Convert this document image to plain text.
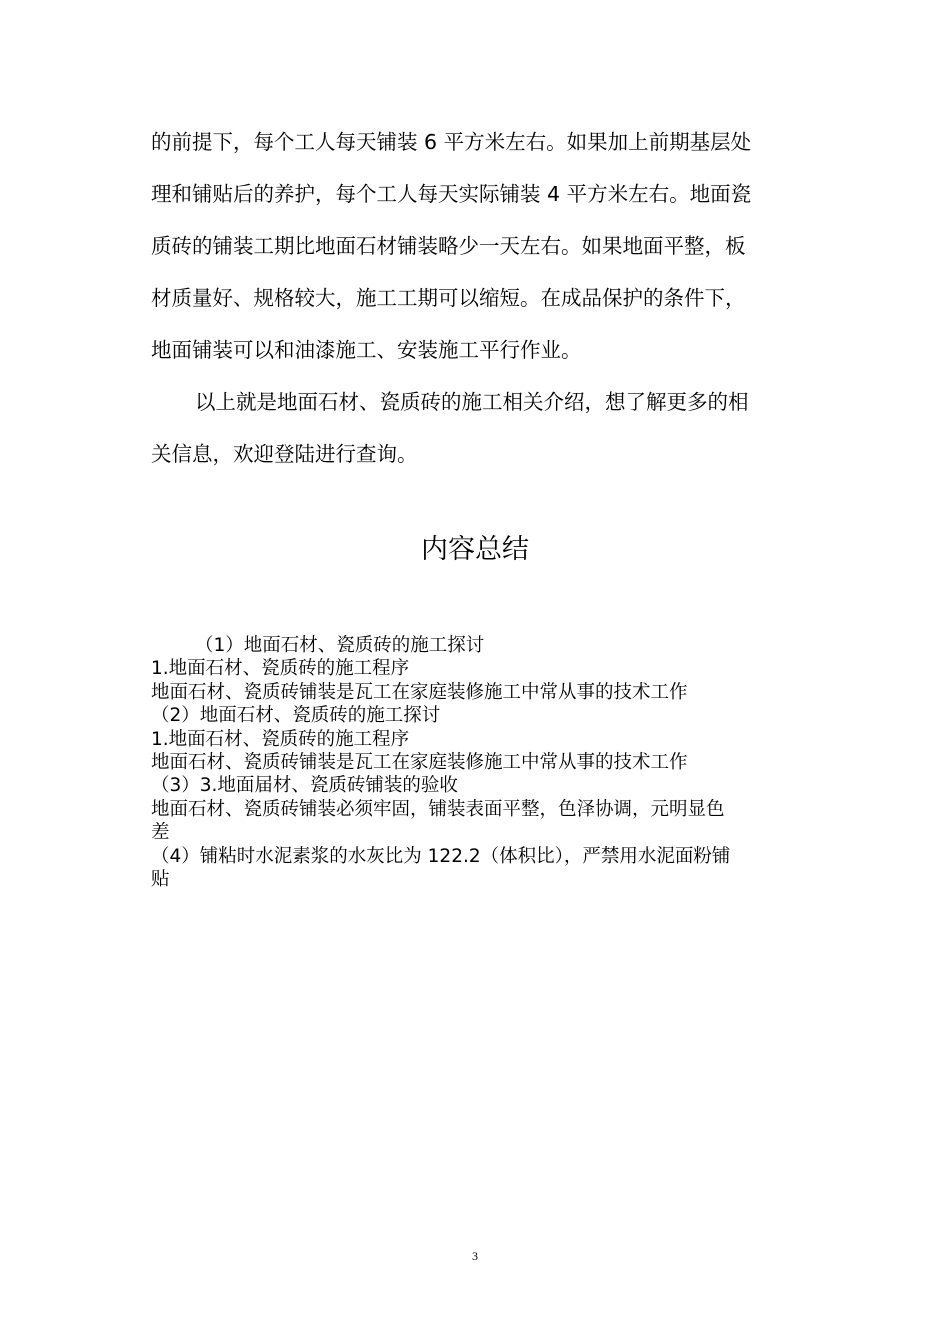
的前提下，每个工人每天铺装 6 平方米左右。如果加上前期基层处
理和铺贴后的养护，每个工人每天实际铺装 4 平方米左右。地面瓷
质砖的铺装工期比地面石材铺装略少一天左右。如果地面平整，板
材质量好、规格较大，施工工期可以缩短。在成品保护的条件下，
地面铺装可以和油漆施工、安装施工平行作业。
以上就是地面石材、瓷质砖的施工相关介绍，想了解更多的相
关信息，欢迎登陆进行查询。
内容总结
（1）地面石材、瓷质砖的施工探讨
1.地面石材、瓷质砖的施工程序
地面石材、瓷质砖铺装是瓦工在家庭装修施工中常从事的技术工作
（2）地面石材、瓷质砖的施工探讨
1.地面石材、瓷质砖的施工程序
地面石材、瓷质砖铺装是瓦工在家庭装修施工中常从事的技术工作
（3）3.地面届材、瓷质砖铺装的验收
地面石材、瓷质砖铺装必须牢固，铺装表面平整，色泽协调，元明显色
差
（4）铺粘时水泥素浆的水灰比为 122.2（体积比），严禁用水泥面粉铺
贴
3
